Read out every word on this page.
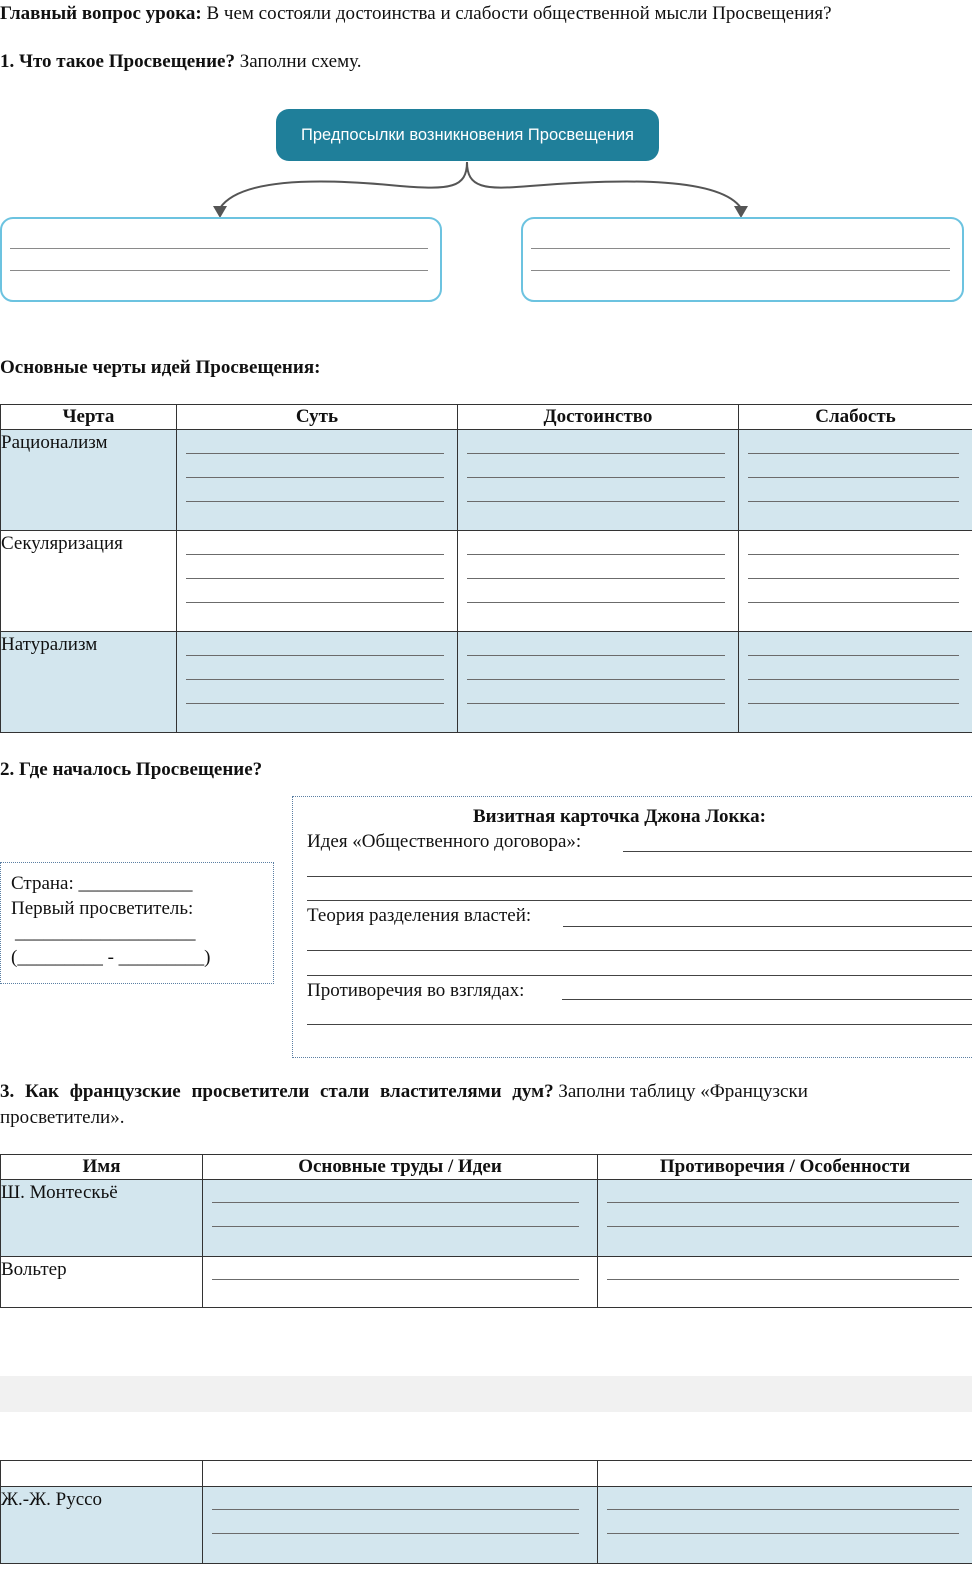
Главный вопрос урока: В чем состояли достоинства и слабости общественной мысли Просвещения?
1. Что такое Просвещение? Заполни схему.
Предпосылки возникновения Просвещения
Основные черты идей Просвещения:
Черта	Суть	Достоинство	Слабость
Рационализм	

Секуляризация	

Натурализм	

2. Где началось Просвещение?
Страна: ____________
Первый просветитель:
___________________
(_________ - _________)
Визитная карточка Джона Локка:
Идея «Общественного договора»:
Теория разделения властей:
Противоречия во взглядах:
3. Как французские просветители стали властителями дум? Заполни таблицу «Французски
просветители».
Имя	Основные труды / Идеи	Противоречия / Особенности
Ш. Монтескьё	

Вольтер	

Ж.-Ж. Руссо	
